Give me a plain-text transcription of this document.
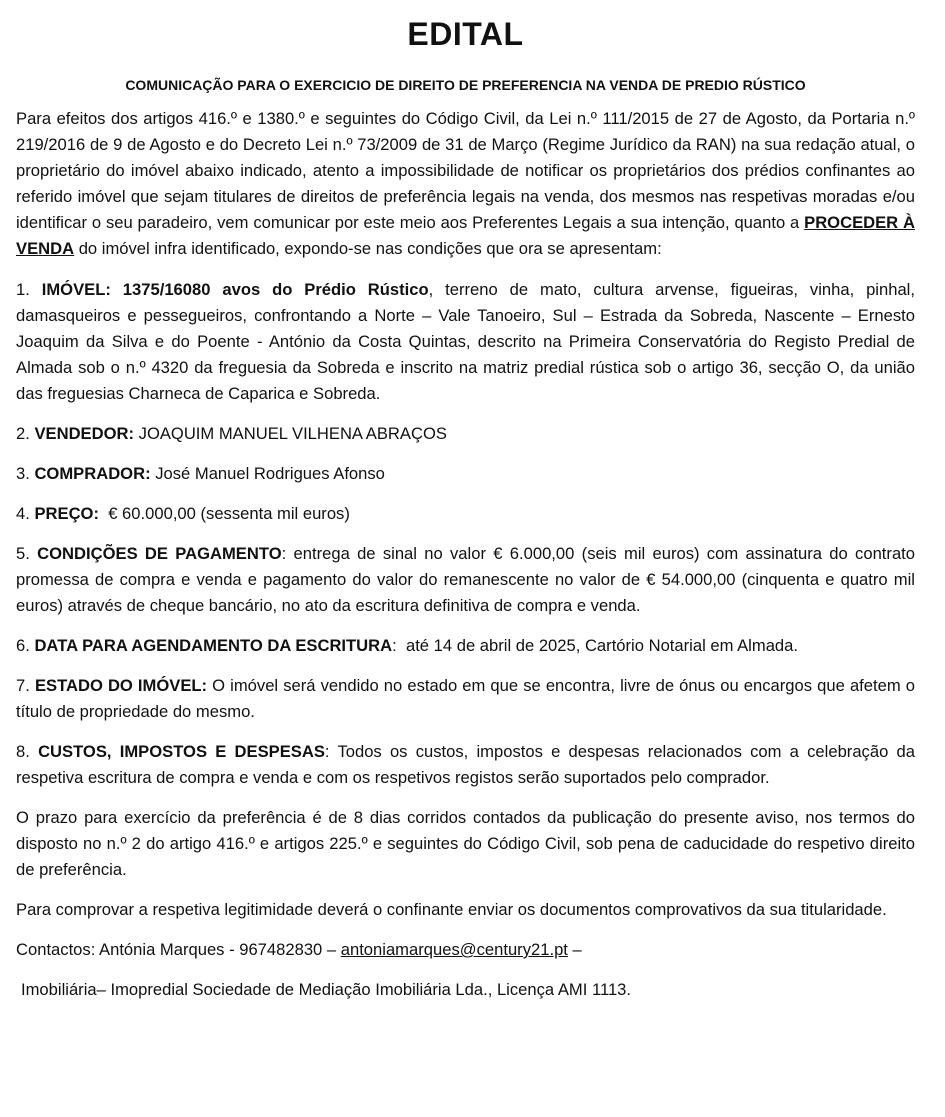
EDITAL
COMUNICAÇÃO PARA O EXERCICIO DE DIREITO DE PREFERENCIA NA VENDA DE PREDIO RÚSTICO

Para efeitos dos artigos 416.º e 1380.º e seguintes do Código Civil, da Lei n.º 111/2015 de 27 de Agosto, da Portaria n.º 219/2016 de 9 de Agosto e do Decreto Lei n.º 73/2009 de 31 de Março (Regime Jurídico da RAN) na sua redação atual, o proprietário do imóvel abaixo indicado, atento a impossibilidade de notificar os proprietários dos prédios confinantes ao referido imóvel que sejam titulares de direitos de preferência legais na venda, dos mesmos nas respetivas moradas e/ou identificar o seu paradeiro, vem comunicar por este meio aos Preferentes Legais a sua intenção, quanto a PROCEDER À VENDA do imóvel infra identificado, expondo-se nas condições que ora se apresentam:

1. IMÓVEL: 1375/16080 avos do Prédio Rústico, terreno de mato, cultura arvense, figueiras, vinha, pinhal, damasqueiros e pessegueiros, confrontando a Norte – Vale Tanoeiro, Sul – Estrada da Sobreda, Nascente – Ernesto Joaquim da Silva e do Poente - António da Costa Quintas, descrito na Primeira Conservatória do Registo Predial de Almada sob o n.º 4320 da freguesia da Sobreda e inscrito na matriz predial rústica sob o artigo 36, secção O, da união das freguesias Charneca de Caparica e Sobreda.

2. VENDEDOR: JOAQUIM MANUEL VILHENA ABRAÇOS

3. COMPRADOR: José Manuel Rodrigues Afonso

4. PREÇO:  € 60.000,00 (sessenta mil euros)

5. CONDIÇÕES DE PAGAMENTO: entrega de sinal no valor € 6.000,00 (seis mil euros) com assinatura do contrato promessa de compra e venda e pagamento do valor do remanescente no valor de € 54.000,00 (cinquenta e quatro mil euros) através de cheque bancário, no ato da escritura definitiva de compra e venda.

6. DATA PARA AGENDAMENTO DA ESCRITURA:  até 14 de abril de 2025, Cartório Notarial em Almada.

7. ESTADO DO IMÓVEL: O imóvel será vendido no estado em que se encontra, livre de ónus ou encargos que afetem o título de propriedade do mesmo.

8. CUSTOS, IMPOSTOS E DESPESAS: Todos os custos, impostos e despesas relacionados com a celebração da respetiva escritura de compra e venda e com os respetivos registos serão suportados pelo comprador.

O prazo para exercício da preferência é de 8 dias corridos contados da publicação do presente aviso, nos termos do disposto no n.º 2 do artigo 416.º e artigos 225.º e seguintes do Código Civil, sob pena de caducidade do respetivo direito de preferência.

Para comprovar a respetiva legitimidade deverá o confinante enviar os documentos comprovativos da sua titularidade.

Contactos: Antónia Marques - 967482830 – antoniamarques@century21.pt –

Imobiliária– Imopredial Sociedade de Mediação Imobiliária Lda., Licença AMI 1113.
